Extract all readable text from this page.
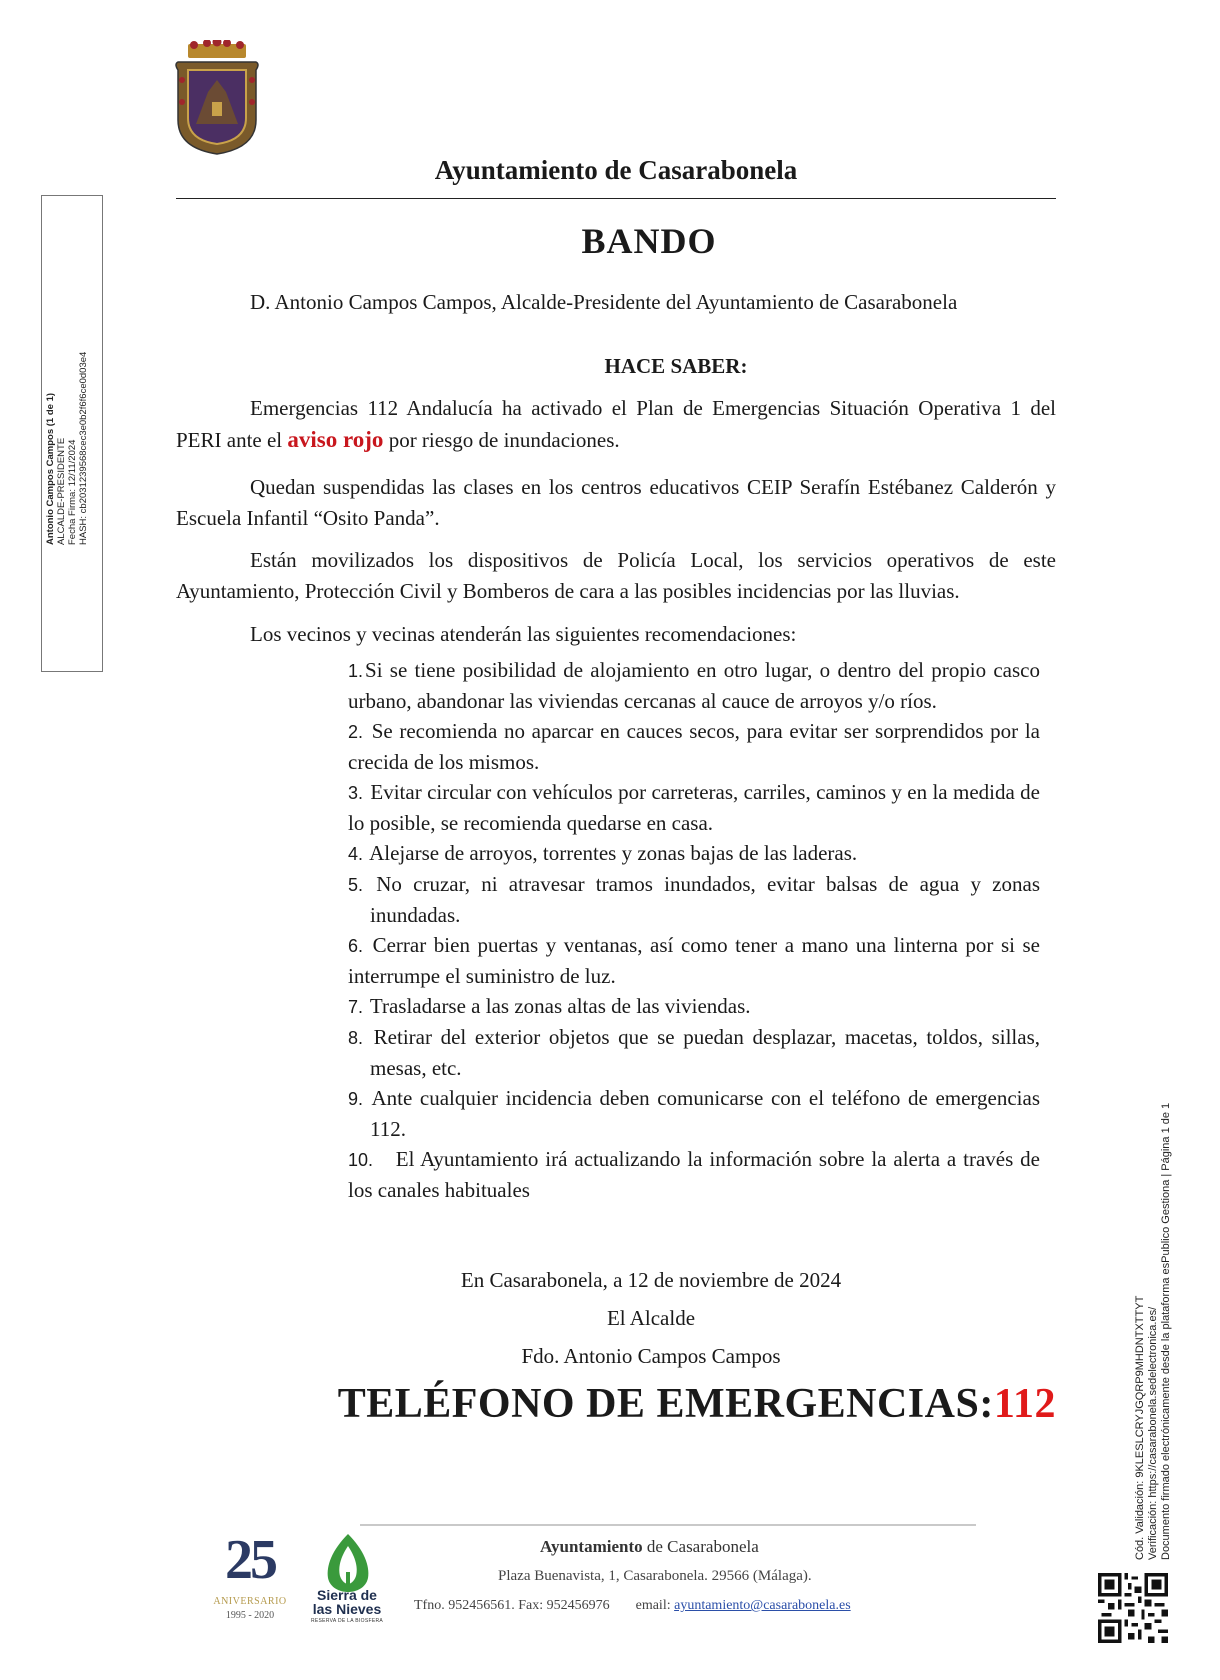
Ayuntamiento de Casarabonela
BANDO
D. Antonio Campos Campos, Alcalde-Presidente del Ayuntamiento de Casarabonela
HACE SABER:
Emergencias 112 Andalucía ha activado el Plan de Emergencias Situación Operativa 1 del PERI ante el aviso rojo por riesgo de inundaciones.
Quedan suspendidas las clases en los centros educativos CEIP Serafín Estébanez Calderón y Escuela Infantil “Osito Panda”.
Están movilizados los dispositivos de Policía Local, los servicios operativos de este Ayuntamiento, Protección Civil y Bomberos de cara a las posibles incidencias por las lluvias.
Los vecinos y vecinas atenderán las siguientes recomendaciones:
1.Si se tiene posibilidad de alojamiento en otro lugar, o dentro del propio casco urbano, abandonar las viviendas cercanas al cauce de arroyos y/o ríos.
2. Se recomienda no aparcar en cauces secos, para evitar ser sorprendidos por la crecida de los mismos.
3. Evitar circular con vehículos por carreteras, carriles, caminos y en la medida de lo posible, se recomienda quedarse en casa.
4. Alejarse de arroyos, torrentes y zonas bajas de las laderas.
5. No cruzar, ni atravesar tramos inundados, evitar balsas de agua y zonas inundadas.
6. Cerrar bien puertas y ventanas, así como tener a mano una linterna por si se interrumpe el suministro de luz.
7. Trasladarse a las zonas altas de las viviendas.
8. Retirar del exterior objetos que se puedan desplazar, macetas, toldos, sillas, mesas, etc.
9. Ante cualquier incidencia deben comunicarse con el teléfono de emergencias 112.
10. El Ayuntamiento irá actualizando la información sobre la alerta a través de los canales habituales
En Casarabonela, a 12 de noviembre de 2024
El Alcalde
Fdo. Antonio Campos Campos
TELÉFONO DE EMERGENCIAS:112
Antonio Campos Campos (1 de 1) ALCALDE-PRESIDENTE Fecha Firma: 12/11/2024 HASH: cb2031239568cec3e0b2f6f6ce0d03e4
Cód. Validación: 9KLESLCRYJGQRP9MHDNTXTTYT Verificación: https://casarabonela.sedelectronica.es/ Documento firmado electrónicamente desde la plataforma esPublico Gestiona | Página 1 de 1
25
ANIVERSARIO
1995 - 2020
Sierra de
las Nieves
RESERVA DE LA BIOSFERA
Ayuntamiento de Casarabonela
Plaza Buenavista, 1, Casarabonela. 29566 (Málaga).
Tfno. 952456561. Fax: 952456976 email: ayuntamiento@casarabonela.es
